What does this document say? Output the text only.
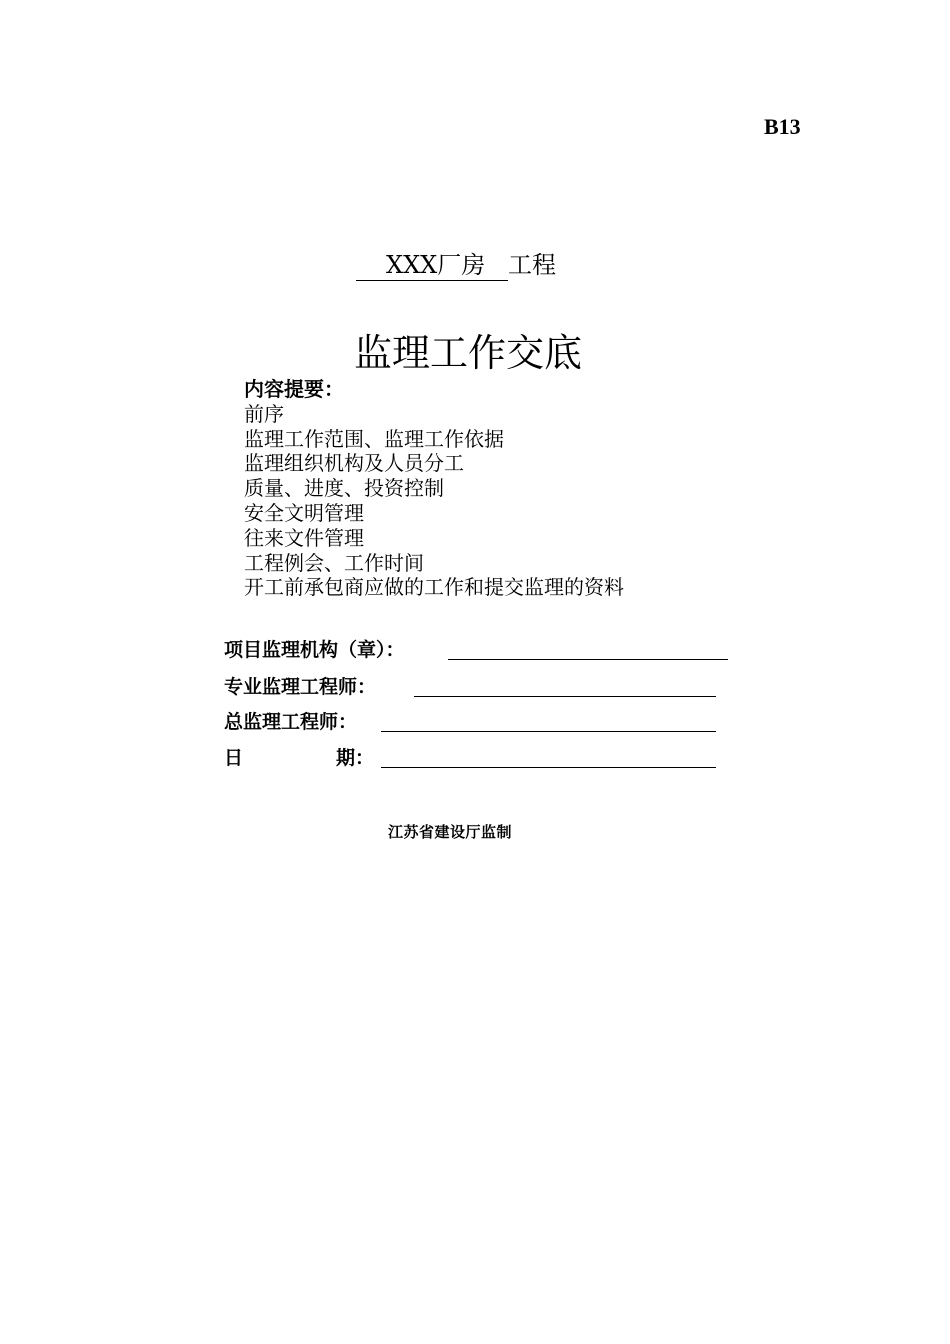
B13
XXX厂房 工程
监理工作交底
内容提要：
前序
监理工作范围、监理工作依据
监理组织机构及人员分工
质量、进度、投资控制
安全文明管理
往来文件管理
工程例会、工作时间
开工前承包商应做的工作和提交监理的资料
项目监理机构（章）：
专业监理工程师：
总监理工程师：
日	期：
江苏省建设厅监制
